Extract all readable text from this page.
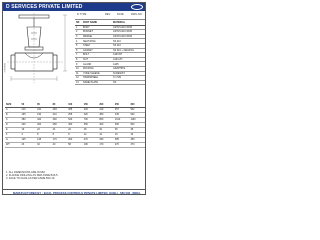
D SERVICES PRIVATE LIMITED
D TYPE	REV	DATE	DWG NO.
SR PART NAME	MATERIAL
1 BODY	ASTM A216 WCB
2 BONNET	ASTM A216 WCB
3 WEDGE	ASTM A216 WCB
4 SEAT RING	SS 410
5 STEM	SS 410
6 GASKET	SS 316 + GRAFOIL
7 BOLT	A193 B7
8 NUT	A194 2H
9 GLAND	A105
10 PACKING	GRAPHITE
11 YOKE SLEEVE	NI-RESIST
12 HANDWHEEL	CI / MS
13 NAME PLATE	SS
SIZE	50	65	80	100	150	200	250	300
A	216	241	283	305	403	419	457	502
B	165	190	210	255	320	380	445	520
C	380	420	460	540	700	850	1010	1160
D	200	200	250	300	350	400	450	500
E	19	22	24	24	28	32	35	38
F	4	8	8	8	12	12	16	16
G	125	145	170	200	270	330	385	450
WT	23	32	40	58	106	170	270	370
1. ALL DIMENSIONS ARE IN MM.
2. FLANGE DRILLING AS PER ASME B16.5.
3. FACE TO FACE AS PER ASME B16.10.
MANUFACTURED BY : B.D.K. PROCESS CONTROLS PRIVATE LIMITED, HUBLI - 580 030 , INDIA.
DRAWING
